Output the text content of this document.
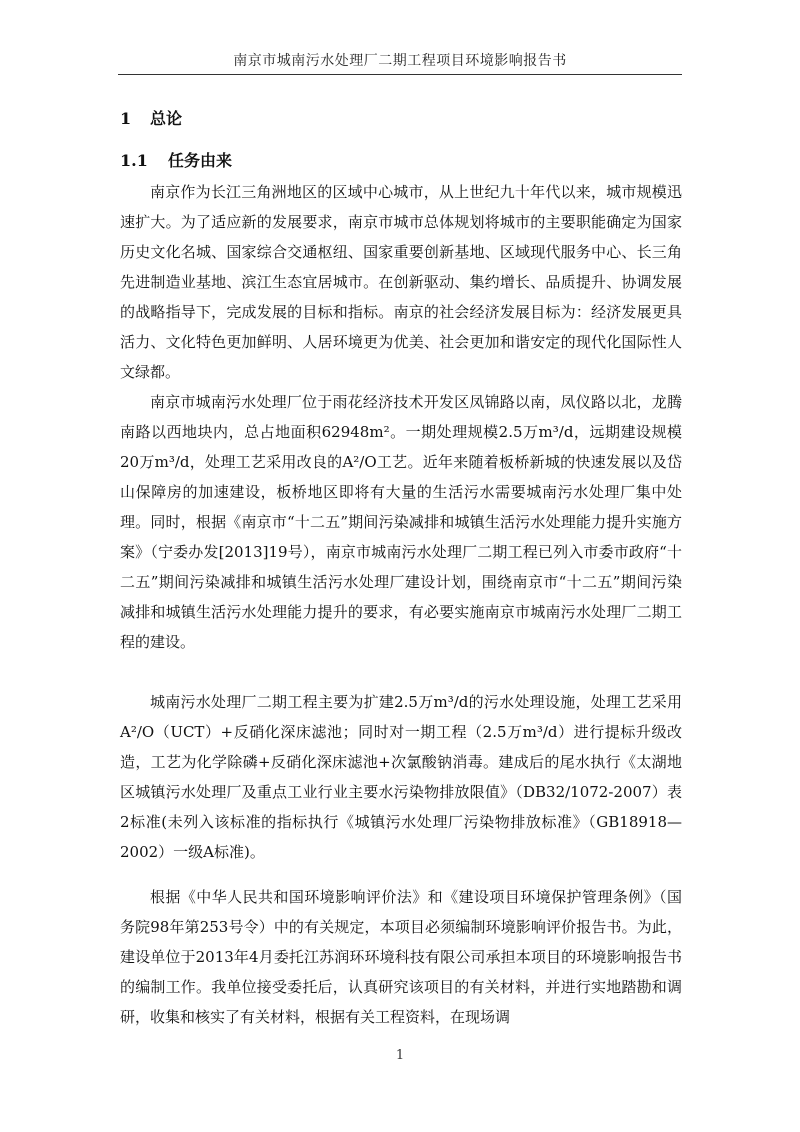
南京市城南污水处理厂二期工程项目环境影响报告书
1 总论
1.1 任务由来

南京作为长江三角洲地区的区域中心城市，从上世纪九十年代以来，城市规模迅速扩大。为了适应新的发展要求，南京市城市总体规划将城市的主要职能确定为国家历史文化名城、国家综合交通枢纽、国家重要创新基地、区域现代服务中心、长三角先进制造业基地、滨江生态宜居城市。在创新驱动、集约增长、品质提升、协调发展的战略指导下，完成发展的目标和指标。南京的社会经济发展目标为：经济发展更具活力、文化特色更加鲜明、人居环境更为优美、社会更加和谐安定的现代化国际性人文绿都。

南京市城南污水处理厂位于雨花经济技术开发区凤锦路以南，凤仪路以北，龙腾南路以西地块内，总占地面积62948m²。一期处理规模2.5万m³/d，远期建设规模20万m³/d，处理工艺采用改良的A²/O工艺。近年来随着板桥新城的快速发展以及岱山保障房的加速建设，板桥地区即将有大量的生活污水需要城南污水处理厂集中处理。同时，根据《南京市“十二五”期间污染减排和城镇生活污水处理能力提升实施方案》（宁委办发[2013]19号），南京市城南污水处理厂二期工程已列入市委市政府“十二五”期间污染减排和城镇生活污水处理厂建设计划，围绕南京市“十二五”期间污染减排和城镇生活污水处理能力提升的要求，有必要实施南京市城南污水处理厂二期工程的建设。

城南污水处理厂二期工程主要为扩建2.5万m³/d的污水处理设施，处理工艺采用A²/O（UCT）+反硝化深床滤池；同时对一期工程（2.5万m³/d）进行提标升级改造，工艺为化学除磷+反硝化深床滤池+次氯酸钠消毒。建成后的尾水执行《太湖地区城镇污水处理厂及重点工业行业主要水污染物排放限值》（DB32/1072-2007）表2标准(未列入该标准的指标执行《城镇污水处理厂污染物排放标准》（GB18918—2002）一级A标准)。

根据《中华人民共和国环境影响评价法》和《建设项目环境保护管理条例》（国务院98年第253号令）中的有关规定，本项目必须编制环境影响评价报告书。为此，建设单位于2013年4月委托江苏润环环境科技有限公司承担本项目的环境影响报告书的编制工作。我单位接受委托后，认真研究该项目的有关材料，并进行实地踏勘和调研，收集和核实了有关材料，根据有关工程资料，在现场调

1
